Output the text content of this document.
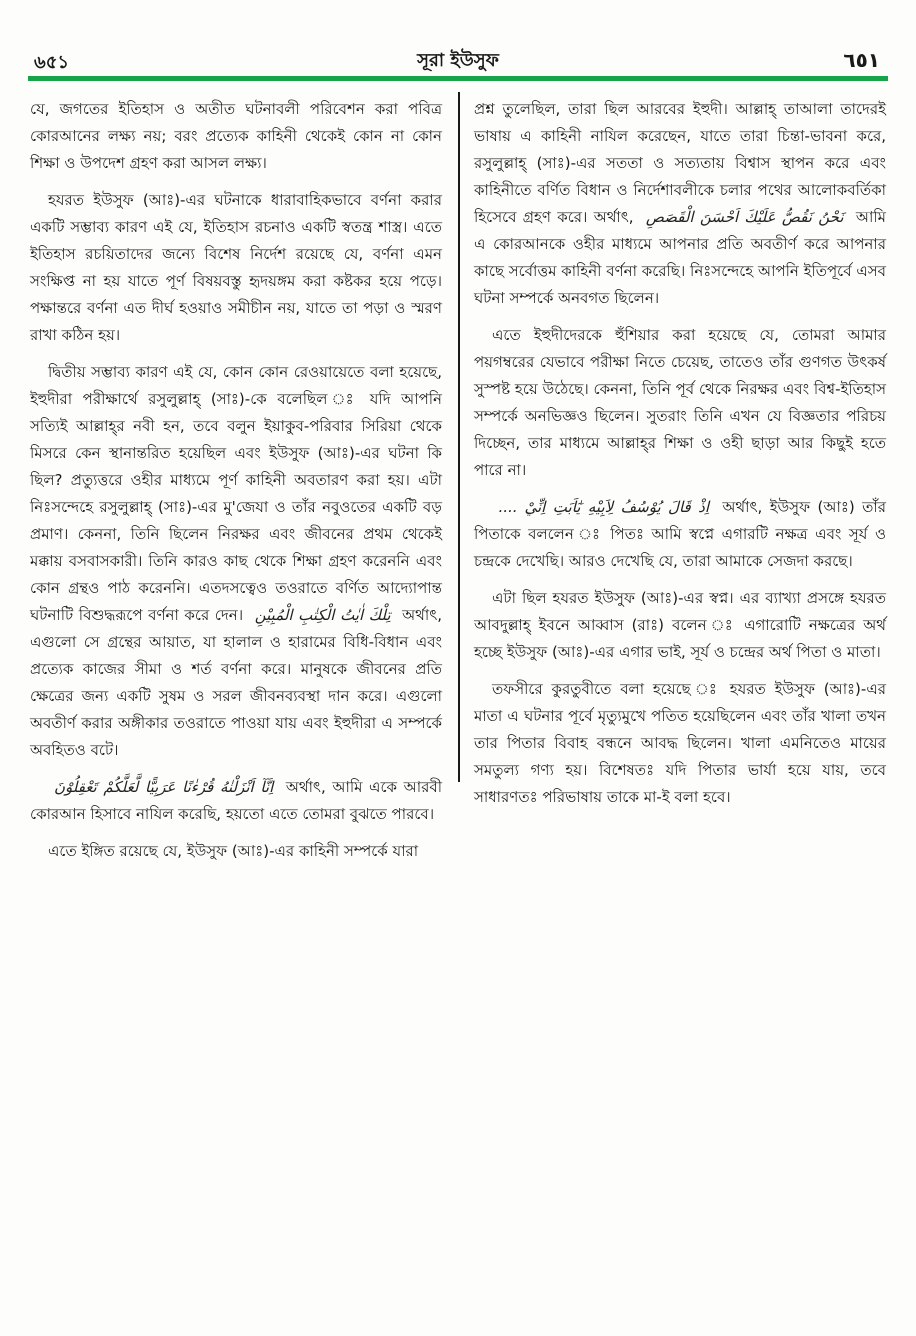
৬৫১	সূরা ইউসুফ	٦٥١

যে, জগতের ইতিহাস ও অতীত ঘটনাবলী পরিবেশন করা পবিত্র কোরআনের লক্ষ্য নয়; বরং প্রত্যেক কাহিনী থেকেই কোন না কোন শিক্ষা ও উপদেশ গ্রহণ করা আসল লক্ষ্য।

হযরত ইউসুফ (আঃ)-এর ঘটনাকে ধারাবাহিকভাবে বর্ণনা করার একটি সম্ভাব্য কারণ এই যে, ইতিহাস রচনাও একটি স্বতন্ত্র শাস্ত্র। এতে ইতিহাস রচয়িতাদের জন্যে বিশেষ নির্দেশ রয়েছে যে, বর্ণনা এমন সংক্ষিপ্ত না হয় যাতে পূর্ণ বিষয়বস্তু হৃদয়ঙ্গম করা কষ্টকর হয়ে পড়ে। পক্ষান্তরে বর্ণনা এত দীর্ঘ হওয়াও সমীচীন নয়, যাতে তা পড়া ও স্মরণ রাখা কঠিন হয়।

দ্বিতীয় সম্ভাব্য কারণ এই যে, কোন কোন রেওয়ায়েতে বলা হয়েছে, ইহুদীরা পরীক্ষার্থে রসুলুল্লাহ্‌ (সাঃ)-কে বলেছিল ঃ যদি আপনি সত্যিই আল্লাহ্‌র নবী হন, তবে বলুন ইয়াকুব-পরিবার সিরিয়া থেকে মিসরে কেন স্থানান্তরিত হয়েছিল এবং ইউসুফ (আঃ)-এর ঘটনা কি ছিল? প্রত্যুত্তরে ওহীর মাধ্যমে পূর্ণ কাহিনী অবতারণ করা হয়। এটা নিঃসন্দেহে রসুলুল্লাহ্‌ (সাঃ)-এর মু'জেযা ও তাঁর নবুওতের একটি বড় প্রমাণ। কেননা, তিনি ছিলেন নিরক্ষর এবং জীবনের প্রথম থেকেই মক্কায় বসবাসকারী। তিনি কারও কাছ থেকে শিক্ষা গ্রহণ করেননি এবং কোন গ্রন্থও পাঠ করেননি। এতদসত্বেও তওরাতে বর্ণিত আদ্যোপান্ত ঘটনাটি বিশুদ্ধরূপে বর্ণনা করে দেন। تِلْكَ اٰيٰتُ الْكِتٰبِ الْمُبِيْنِ অর্থাৎ, এগুলো সে গ্রন্থের আয়াত, যা হালাল ও হারামের বিধি-বিধান এবং প্রত্যেক কাজের সীমা ও শর্ত বর্ণনা করে। মানুষকে জীবনের প্রতি ক্ষেত্রের জন্য একটি সুষম ও সরল জীবনব্যবস্থা দান করে। এগুলো অবতীর্ণ করার অঙ্গীকার তওরাতে পাওয়া যায় এবং ইহুদীরা এ সম্পর্কে অবহিতও বটে।

اِنَّآ اَنْزَلْنٰهُ قُرْءٰنًا عَرَبِيًّا لَّعَلَّكُمْ تَعْقِلُوْنَ অর্থাৎ, আমি একে আরবী কোরআন হিসাবে নাযিল করেছি, হয়তো এতে তোমরা বুঝতে পারবে।

এতে ইঙ্গিত রয়েছে যে, ইউসুফ (আঃ)-এর কাহিনী সম্পর্কে যারা

প্রশ্ন তুলেছিল, তারা ছিল আরবের ইহুদী। আল্লাহ্‌ তাআলা তাদেরই ভাষায় এ কাহিনী নাযিল করেছেন, যাতে তারা চিন্তা-ভাবনা করে, রসুলুল্লাহ্‌ (সাঃ)-এর সততা ও সত্যতায় বিশ্বাস স্থাপন করে এবং কাহিনীতে বর্ণিত বিধান ও নির্দেশাবলীকে চলার পথের আলোকবর্তিকা হিসেবে গ্রহণ করে। অর্থাৎ, نَحْنُ نَقُصُّ عَلَيْكَ اَحْسَنَ الْقَصَصِ আমি এ কোরআনকে ওহীর মাধ্যমে আপনার প্রতি অবতীর্ণ করে আপনার কাছে সর্বোত্তম কাহিনী বর্ণনা করেছি। নিঃসন্দেহে আপনি ইতিপূর্বে এসব ঘটনা সম্পর্কে অনবগত ছিলেন।

এতে ইহুদীদেরকে হুঁশিয়ার করা হয়েছে যে, তোমরা আমার পয়গম্বরের যেভাবে পরীক্ষা নিতে চেয়েছ, তাতেও তাঁর গুণগত উৎকর্ষ সুস্পষ্ট হয়ে উঠেছে। কেননা, তিনি পূর্ব থেকে নিরক্ষর এবং বিশ্ব-ইতিহাস সম্পর্কে অনভিজ্ঞও ছিলেন। সুতরাং তিনি এখন যে বিজ্ঞতার পরিচয় দিচ্ছেন, তার মাধ্যমে আল্লাহ্‌র শিক্ষা ও ওহী ছাড়া আর কিছুই হতে পারে না।

اِذْ قَالَ يُوْسُفُ لِاَبِيْهِ يٰٓاَبَتِ اِنِّيْ .... অর্থাৎ, ইউসুফ (আঃ) তাঁর পিতাকে বললেন ঃ পিতঃ আমি স্বপ্নে এগারটি নক্ষত্র এবং সূর্য ও চন্দ্রকে দেখেছি। আরও দেখেছি যে, তারা আমাকে সেজদা করছে।

এটা ছিল হযরত ইউসুফ (আঃ)-এর স্বপ্ন। এর ব্যাখ্যা প্রসঙ্গে হযরত আবদুল্লাহ্‌ ইবনে আব্বাস (রাঃ) বলেন ঃ এগারোটি নক্ষত্রের অর্থ হচ্ছে ইউসুফ (আঃ)-এর এগার ভাই, সূর্য ও চন্দ্রের অর্থ পিতা ও মাতা।

তফসীরে কুরতুবীতে বলা হয়েছে ঃ হযরত ইউসুফ (আঃ)-এর মাতা এ ঘটনার পূর্বে মৃত্যুমুখে পতিত হয়েছিলেন এবং তাঁর খালা তখন তার পিতার বিবাহ বন্ধনে আবদ্ধ ছিলেন। খালা এমনিতেও মায়ের সমতুল্য গণ্য হয়। বিশেষতঃ যদি পিতার ভার্যা হয়ে যায়, তবে সাধারণতঃ পরিভাষায় তাকে মা-ই বলা হবে।
